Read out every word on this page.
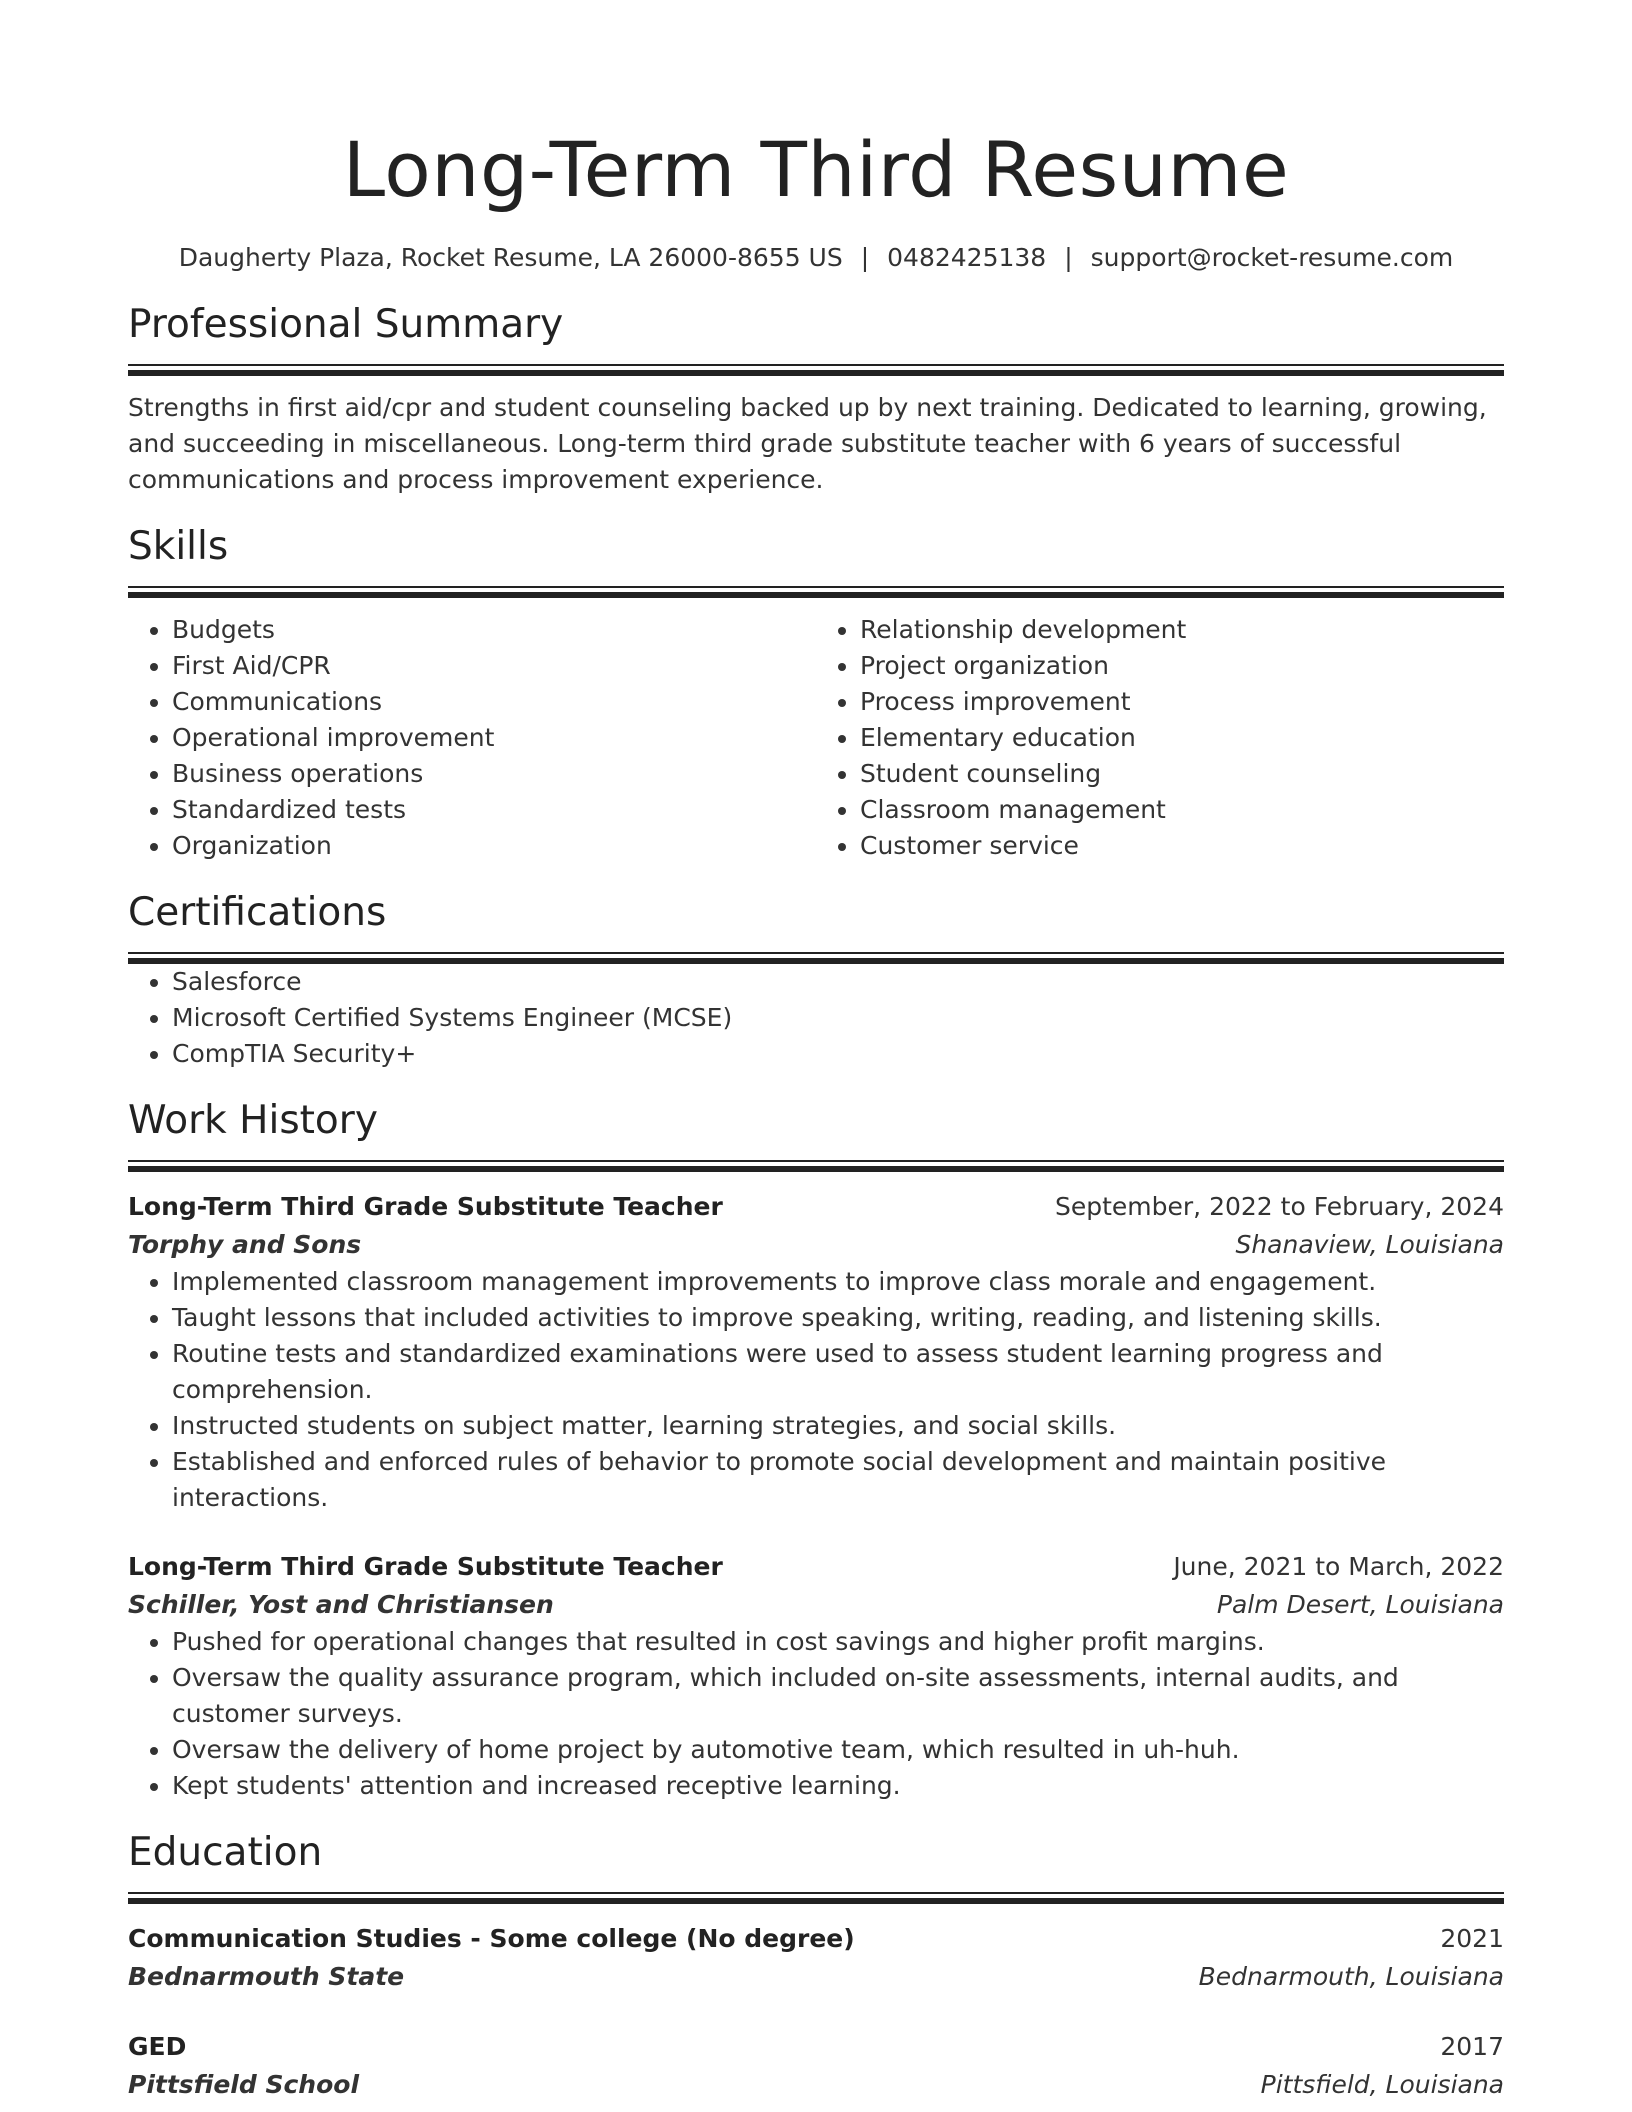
Long-Term Third Resume
Daugherty Plaza, Rocket Resume, LA 26000-8655 US | 0482425138 | support@rocket-resume.com
Professional Summary
Strengths in first aid/cpr and student counseling backed up by next training. Dedicated to learning, growing, and succeeding in miscellaneous. Long-term third grade substitute teacher with 6 years of successful communications and process improvement experience.
Skills
• Budgets
• First Aid/CPR
• Communications
• Operational improvement
• Business operations
• Standardized tests
• Organization
• Relationship development
• Project organization
• Process improvement
• Elementary education
• Student counseling
• Classroom management
• Customer service
Certifications
• Salesforce
• Microsoft Certified Systems Engineer (MCSE)
• CompTIA Security+
Work History
Long-Term Third Grade Substitute Teacher	September, 2022 to February, 2024
Torphy and Sons	Shanaview, Louisiana
• Implemented classroom management improvements to improve class morale and engagement.
• Taught lessons that included activities to improve speaking, writing, reading, and listening skills.
• Routine tests and standardized examinations were used to assess student learning progress and comprehension.
• Instructed students on subject matter, learning strategies, and social skills.
• Established and enforced rules of behavior to promote social development and maintain positive interactions.
Long-Term Third Grade Substitute Teacher	June, 2021 to March, 2022
Schiller, Yost and Christiansen	Palm Desert, Louisiana
• Pushed for operational changes that resulted in cost savings and higher profit margins.
• Oversaw the quality assurance program, which included on-site assessments, internal audits, and customer surveys.
• Oversaw the delivery of home project by automotive team, which resulted in uh-huh.
• Kept students' attention and increased receptive learning.
Education
Communication Studies - Some college (No degree)	2021
Bednarmouth State	Bednarmouth, Louisiana
GED	2017
Pittsfield School	Pittsfield, Louisiana
